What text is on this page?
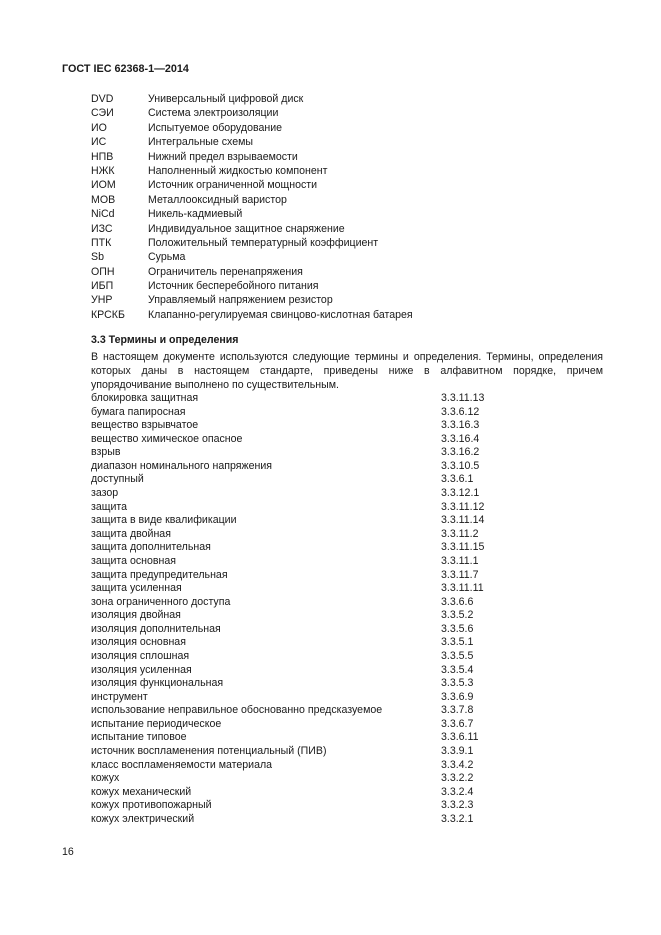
ГОСТ IEC 62368-1—2014
DVD	Универсальный цифровой диск
СЭИ	Система электроизоляции
ИО	Испытуемое оборудование
ИС	Интегральные схемы
НПВ	Нижний предел взрываемости
НЖК	Наполненный жидкостью компонент
ИОМ	Источник ограниченной мощности
МОВ	Металлооксидный варистор
NiCd	Никель-кадмиевый
ИЗС	Индивидуальное защитное снаряжение
ПТК	Положительный температурный коэффициент
Sb	Сурьма
ОПН	Ограничитель перенапряжения
ИБП	Источник бесперебойного питания
УНР	Управляемый напряжением резистор
КРСКБ Клапанно-регулируемая свинцово-кислотная батарея
3.3 Термины и определения
В настоящем документе используются следующие термины и определения. Термины, определения которых даны в настоящем стандарте, приведены ниже в алфавитном порядке, причем упорядочивание выполнено по существительным.
блокировка защитная	3.3.11.13
бумага папиросная	3.3.6.12
вещество взрывчатое	3.3.16.3
вещество химическое опасное	3.3.16.4
взрыв	3.3.16.2
диапазон номинального напряжения	3.3.10.5
доступный	3.3.6.1
зазор	3.3.12.1
защита	3.3.11.12
защита в виде квалификации	3.3.11.14
защита двойная	3.3.11.2
защита дополнительная	3.3.11.15
защита основная	3.3.11.1
защита предупредительная	3.3.11.7
защита усиленная	3.3.11.11
зона ограниченного доступа	3.3.6.6
изоляция двойная	3.3.5.2
изоляция дополнительная	3.3.5.6
изоляция основная	3.3.5.1
изоляция сплошная	3.3.5.5
изоляция усиленная	3.3.5.4
изоляция функциональная	3.3.5.3
инструмент	3.3.6.9
использование неправильное обоснованно предсказуемое	3.3.7.8
испытание периодическое	3.3.6.7
испытание типовое	3.3.6.11
источник воспламенения потенциальный (ПИВ)	3.3.9.1
класс воспламеняемости материала	3.3.4.2
кожух	3.3.2.2
кожух механический	3.3.2.4
кожух противопожарный	3.3.2.3
кожух электрический	3.3.2.1
16
